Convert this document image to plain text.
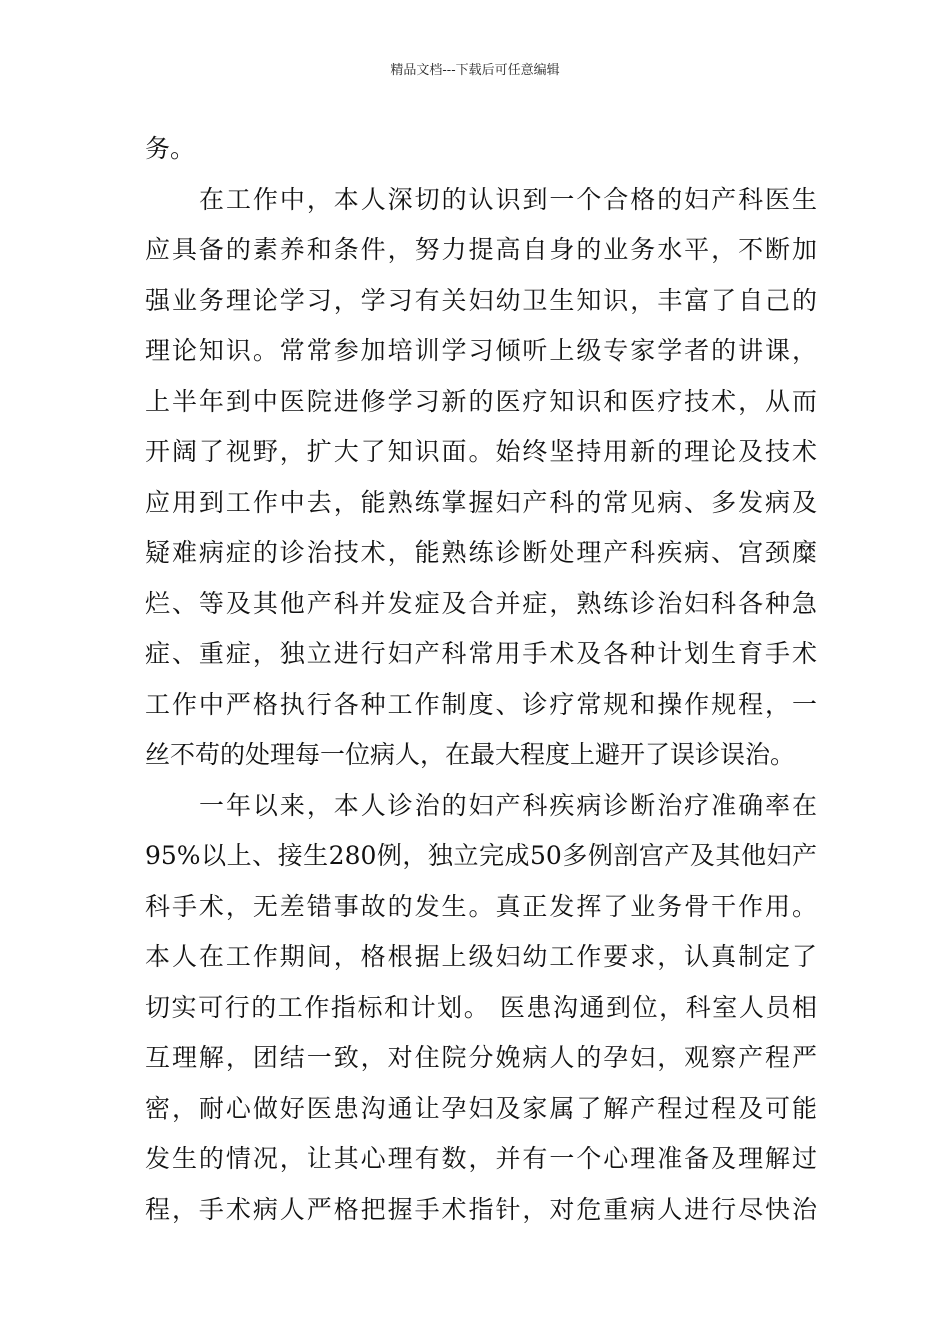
精品文档---下载后可任意编辑
务。
在工作中，本人深切的认识到一个合格的妇产科医生
应具备的素养和条件，努力提高自身的业务水平，不断加
强业务理论学习，学习有关妇幼卫生知识，丰富了自己的
理论知识。常常参加培训学习倾听上级专家学者的讲课，
上半年到中医院进修学习新的医疗知识和医疗技术，从而
开阔了视野，扩大了知识面。始终坚持用新的理论及技术
应用到工作中去，能熟练掌握妇产科的常见病、多发病及
疑难病症的诊治技术，能熟练诊断处理产科疾病、宫颈糜
烂、等及其他产科并发症及合并症，熟练诊治妇科各种急
症、重症，独立进行妇产科常用手术及各种计划生育手术
工作中严格执行各种工作制度、诊疗常规和操作规程，一
丝不苟的处理每一位病人，在最大程度上避开了误诊误治。
一年以来，本人诊治的妇产科疾病诊断治疗准确率在
95%以上、接生280例，独立完成50多例剖宫产及其他妇产
科手术，无差错事故的发生。真正发挥了业务骨干作用。
本人在工作期间，格根据上级妇幼工作要求，认真制定了
切实可行的工作指标和计划。 医患沟通到位，科室人员相
互理解，团结一致，对住院分娩病人的孕妇，观察产程严
密，耐心做好医患沟通让孕妇及家属了解产程过程及可能
发生的情况，让其心理有数，并有一个心理准备及理解过
程，手术病人严格把握手术指针，对危重病人进行尽快治
